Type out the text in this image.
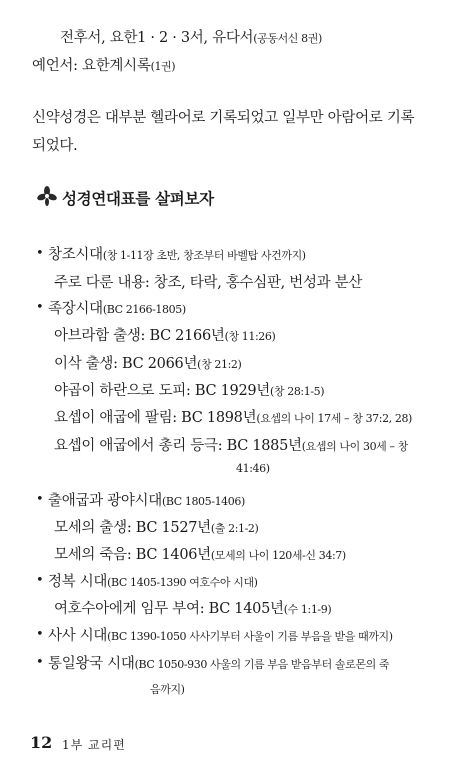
전후서, 요한1 · 2 · 3서, 유다서(공동서신 8권)
예언서: 요한계시록(1권)
신약성경은 대부분 헬라어로 기록되었고 일부만 아람어로 기록
되었다.
성경연대표를 살펴보자
• 창조시대(창 1-11장 초반, 창조부터 바벨탑 사건까지)
주로 다룬 내용: 창조, 타락, 홍수심판, 번성과 분산
• 족장시대(BC 2166-1805)
아브라함 출생: BC 2166년(창 11:26)
이삭 출생: BC 2066년(창 21:2)
야곱이 하란으로 도피: BC 1929년(창 28:1-5)
요셉이 애굽에 팔림: BC 1898년(요셉의 나이 17세 – 창 37:2, 28)
요셉이 애굽에서 총리 등극: BC 1885년(요셉의 나이 30세 – 창
41:46)
• 출애굽과 광야시대(BC 1805-1406)
모세의 출생: BC 1527년(출 2:1-2)
모세의 죽음: BC 1406년(모세의 나이 120세-신 34:7)
• 정복 시대(BC 1405-1390 여호수아 시대)
여호수아에게 임무 부여: BC 1405년(수 1:1-9)
• 사사 시대(BC 1390-1050 사사기부터 사울이 기름 부음을 받을 때까지)
• 통일왕국 시대(BC 1050-930 사울의 기름 부음 받음부터 솔로몬의 죽
음까지)
12 1부 교리편
